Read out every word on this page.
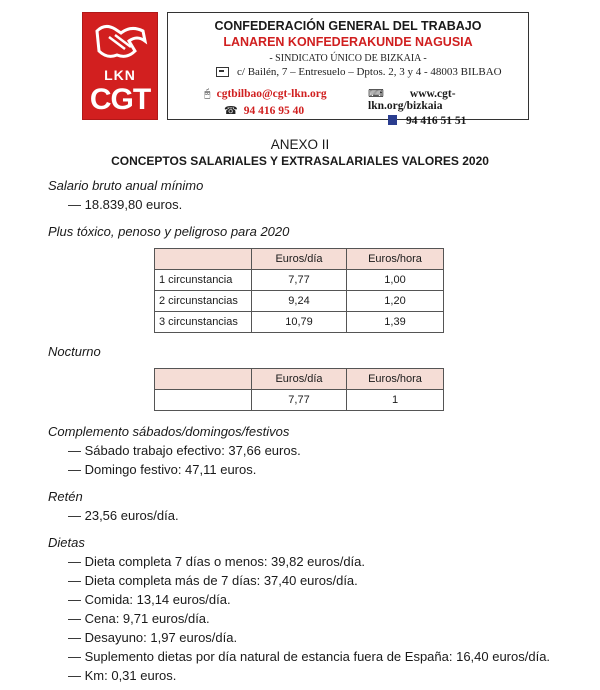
LKN
CGT
CONFEDERACIÓN GENERAL DEL TRABAJO
LANAREN KONFEDERAKUNDE NAGUSIA
- SINDICATO ÚNICO DE BIZKAIA -
c/ Bailén, 7 – Entresuelo – Dptos. 2, 3 y 4 - 48003 BILBAO
🖰 cgtbilbao@cgt-lkn.org
☎ 94 416 95 40
⌨ www.cgt-lkn.org/bizkaia
94 416 51 51
ANEXO II
CONCEPTOS SALARIALES Y EXTRASALARIALES VALORES 2020
Salario bruto anual mínimo
— 18.839,80 euros.
Plus tóxico, penoso y peligroso para 2020
	Euros/día	Euros/hora
1 circunstancia	7,77	1,00
2 circunstancias	9,24	1,20
3 circunstancias	10,79	1,39
Nocturno
	Euros/día	Euros/hora
	7,77	1
Complemento sábados/domingos/festivos
— Sábado trabajo efectivo: 37,66 euros.
— Domingo festivo: 47,11 euros.
Retén
— 23,56 euros/día.
Dietas
— Dieta completa 7 días o menos: 39,82 euros/día.
— Dieta completa más de 7 días: 37,40 euros/día.
— Comida: 13,14 euros/día.
— Cena: 9,71 euros/día.
— Desayuno: 1,97 euros/día.
— Suplemento dietas por día natural de estancia fuera de España: 16,40 euros/día.
— Km: 0,31 euros.
